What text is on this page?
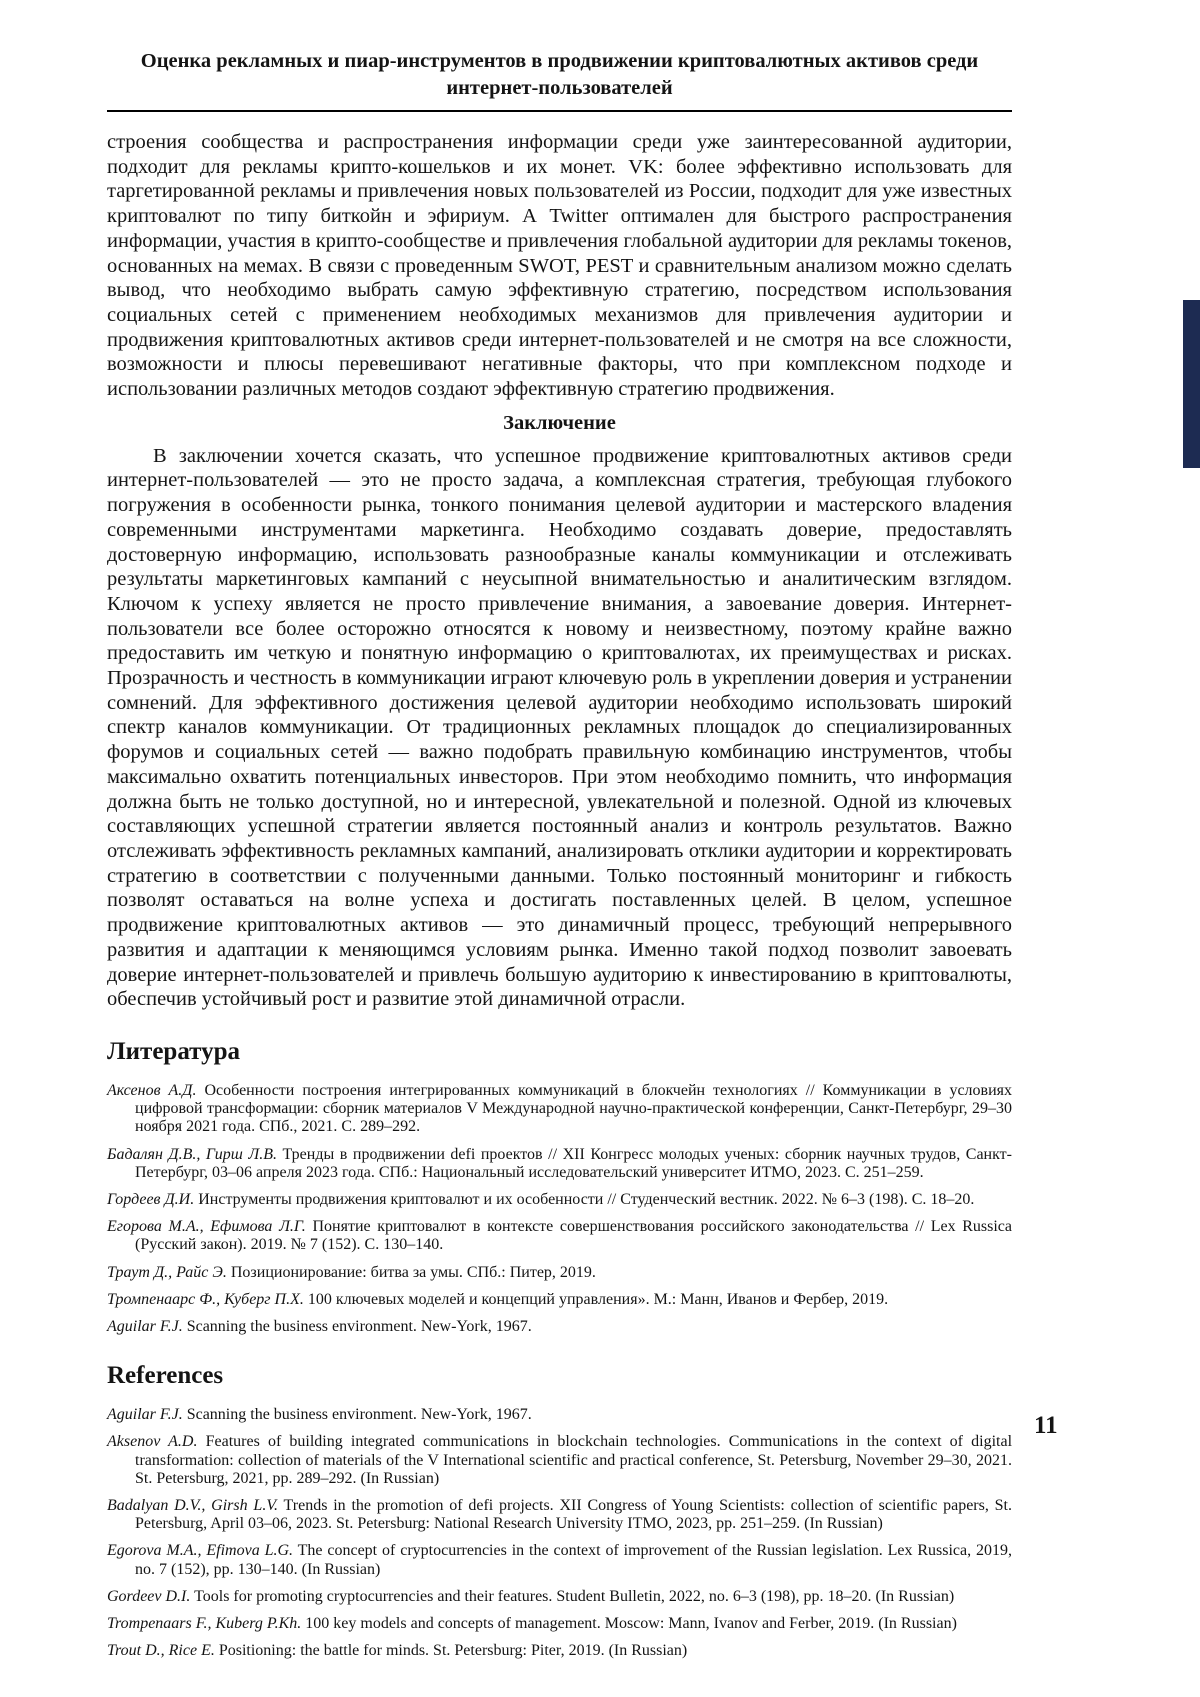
11
Оценка рекламных и пиар-инструментов в продвижении криптовалютных активов среди интернет-пользователей

строения сообщества и распространения информации среди уже заинтересованной аудитории, подходит для рекламы крипто-кошельков и их монет. VK: более эффективно использовать для таргетированной рекламы и привлечения новых пользователей из России, подходит для уже известных криптовалют по типу биткойн и эфириум. А Twitter оптимален для быстрого распространения информации, участия в крипто-сообществе и привлечения глобальной аудитории для рекламы токенов, основанных на мемах. В связи с проведенным SWOT, PEST и сравнительным анализом можно сделать вывод, что необходимо выбрать самую эффективную стратегию, посредством использования социальных сетей с применением необходимых механизмов для привлечения аудитории и продвижения криптовалютных активов среди интернет-пользователей и не смотря на все сложности, возможности и плюсы перевешивают негативные факторы, что при комплексном подходе и использовании различных методов создают эффективную стратегию продвижения.

Заключение

В заключении хочется сказать, что успешное продвижение криптовалютных активов среди интернет-пользователей — это не просто задача, а комплексная стратегия, требующая глубокого погружения в особенности рынка, тонкого понимания целевой аудитории и мастерского владения современными инструментами маркетинга. Необходимо создавать доверие, предоставлять достоверную информацию, использовать разнообразные каналы коммуникации и отслеживать результаты маркетинговых кампаний с неусыпной внимательностью и аналитическим взглядом. Ключом к успеху является не просто привлечение внимания, а завоевание доверия. Интернет-пользователи все более осторожно относятся к новому и неизвестному, поэтому крайне важно предоставить им четкую и понятную информацию о криптовалютах, их преимуществах и рисках. Прозрачность и честность в коммуникации играют ключевую роль в укреплении доверия и устранении сомнений. Для эффективного достижения целевой аудитории необходимо использовать широкий спектр каналов коммуникации. От традиционных рекламных площадок до специализированных форумов и социальных сетей — важно подобрать правильную комбинацию инструментов, чтобы максимально охватить потенциальных инвесторов. При этом необходимо помнить, что информация должна быть не только доступной, но и интересной, увлекательной и полезной. Одной из ключевых составляющих успешной стратегии является постоянный анализ и контроль результатов. Важно отслеживать эффективность рекламных кампаний, анализировать отклики аудитории и корректировать стратегию в соответствии с полученными данными. Только постоянный мониторинг и гибкость позволят оставаться на волне успеха и достигать поставленных целей. В целом, успешное продвижение криптовалютных активов — это динамичный процесс, требующий непрерывного развития и адаптации к меняющимся условиям рынка. Именно такой подход позволит завоевать доверие интернет-пользователей и привлечь большую аудиторию к инвестированию в криптовалюты, обеспечив устойчивый рост и развитие этой динамичной отрасли.

Литература

Аксенов А.Д. Особенности построения интегрированных коммуникаций в блокчейн технологиях // Коммуникации в условиях цифровой трансформации: сборник материалов V Международной научно-практической конференции, Санкт-Петербург, 29–30 ноября 2021 года. СПб., 2021. С. 289–292.

Бадалян Д.В., Гирш Л.В. Тренды в продвижении defi проектов // XII Конгресс молодых ученых: сборник научных трудов, Санкт-Петербург, 03–06 апреля 2023 года. СПб.: Национальный исследовательский университет ИТМО, 2023. С. 251–259.

Гордеев Д.И. Инструменты продвижения криптовалют и их особенности // Студенческий вестник. 2022. № 6–3 (198). С. 18–20.

Егорова М.А., Ефимова Л.Г. Понятие криптовалют в контексте совершенствования российского законодательства // Lex Russica (Русский закон). 2019. № 7 (152). С. 130–140.

Траут Д., Райс Э. Позиционирование: битва за умы. СПб.: Питер, 2019.

Тромпенаарс Ф., Куберг П.Х. 100 ключевых моделей и концепций управления». М.: Манн, Иванов и Фербер, 2019.

Aguilar F.J. Scanning the business environment. New-York, 1967.

References

Aguilar F.J. Scanning the business environment. New-York, 1967.

Aksenov A.D. Features of building integrated communications in blockchain technologies. Communications in the context of digital transformation: collection of materials of the V International scientific and practical conference, St. Petersburg, November 29–30, 2021. St. Petersburg, 2021, pp. 289–292. (In Russian)

Badalyan D.V., Girsh L.V. Trends in the promotion of defi projects. XII Congress of Young Scientists: collection of scientific papers, St. Petersburg, April 03–06, 2023. St. Petersburg: National Research University ITMO, 2023, pp. 251–259. (In Russian)

Egorova M.A., Efimova L.G. The concept of cryptocurrencies in the context of improvement of the Russian legislation. Lex Russica, 2019, no. 7 (152), pp. 130–140. (In Russian)

Gordeev D.I. Tools for promoting cryptocurrencies and their features. Student Bulletin, 2022, no. 6–3 (198), pp. 18–20. (In Russian)

Trompenaars F., Kuberg P.Kh. 100 key models and concepts of management. Moscow: Mann, Ivanov and Ferber, 2019. (In Russian)

Trout D., Rice E. Positioning: the battle for minds. St. Petersburg: Piter, 2019. (In Russian)
